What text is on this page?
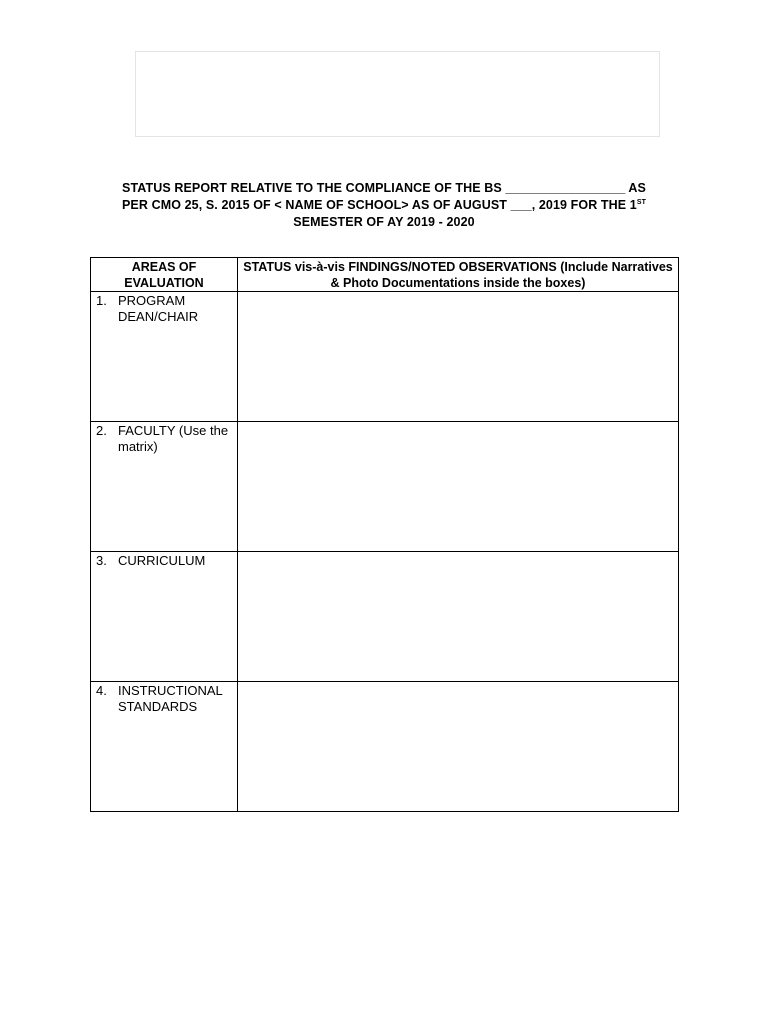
STATUS REPORT RELATIVE TO THE COMPLIANCE OF THE BS _________________ AS
PER CMO 25, S. 2015 OF < NAME OF SCHOOL> AS OF AUGUST ___, 2019 FOR THE 1ST
SEMESTER OF AY 2019 - 2020
AREAS OF EVALUATION	STATUS vis-à-vis FINDINGS/NOTED OBSERVATIONS (Include Narratives & Photo Documentations inside the boxes)

1. PROGRAM DEAN/CHAIR	

2. FACULTY (Use the matrix)	

3. CURRICULUM	

4. INSTRUCTIONAL STANDARDS	
